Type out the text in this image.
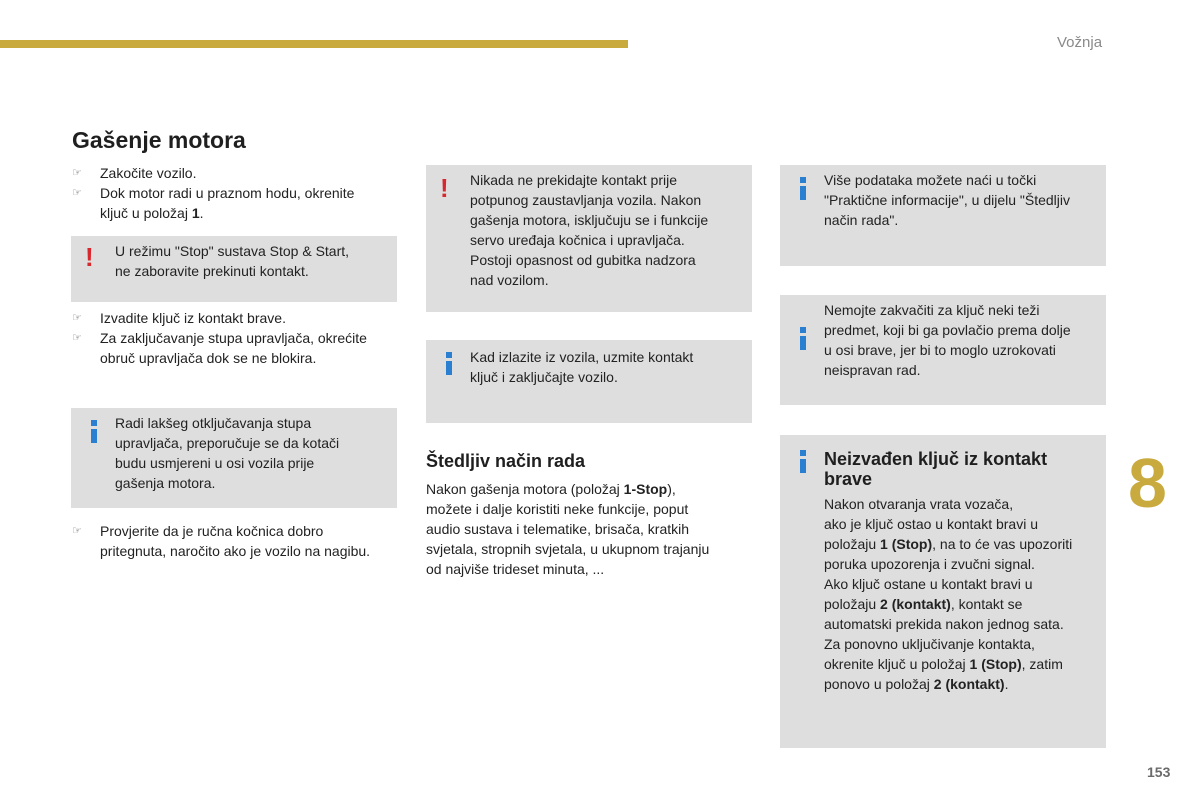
Vožnja
Gašenje motora
☞ Zakočite vozilo.
☞ Dok motor radi u praznom hodu, okrenite
ključ u položaj 1.
! U režimu "Stop" sustava Stop & Start,
ne zaboravite prekinuti kontakt.
☞ Izvadite ključ iz kontakt brave.
☞ Za zaključavanje stupa upravljača, okrećite
obruč upravljača dok se ne blokira.
Radi lakšeg otključavanja stupa
upravljača, preporučuje se da kotači
budu usmjereni u osi vozila prije
gašenja motora.
☞ Provjerite da je ručna kočnica dobro
pritegnuta, naročito ako je vozilo na nagibu.
! Nikada ne prekidajte kontakt prije
potpunog zaustavljanja vozila. Nakon
gašenja motora, isključuju se i funkcije
servo uređaja kočnica i upravljača.
Postoji opasnost od gubitka nadzora
nad vozilom.
Kad izlazite iz vozila, uzmite kontakt
ključ i zaključajte vozilo.
Štedljiv način rada
Nakon gašenja motora (položaj 1-Stop),
možete i dalje koristiti neke funkcije, poput
audio sustava i telematike, brisača, kratkih
svjetala, stropnih svjetala, u ukupnom trajanju
od najviše trideset minuta, ...
Više podataka možete naći u točki
"Praktične informacije", u dijelu "Štedljiv
način rada".
Nemojte zakvačiti za ključ neki teži
predmet, koji bi ga povlačio prema dolje
u osi brave, jer bi to moglo uzrokovati
neispravan rad.
Neizvađen ključ iz kontakt
brave
Nakon otvaranja vrata vozača,
ako je ključ ostao u kontakt bravi u
položaju 1 (Stop), na to će vas upozoriti
poruka upozorenja i zvučni signal.
Ako ključ ostane u kontakt bravi u
položaju 2 (kontakt), kontakt se
automatski prekida nakon jednog sata.
Za ponovno uključivanje kontakta,
okrenite ključ u položaj 1 (Stop), zatim
ponovo u položaj 2 (kontakt).
8
153
